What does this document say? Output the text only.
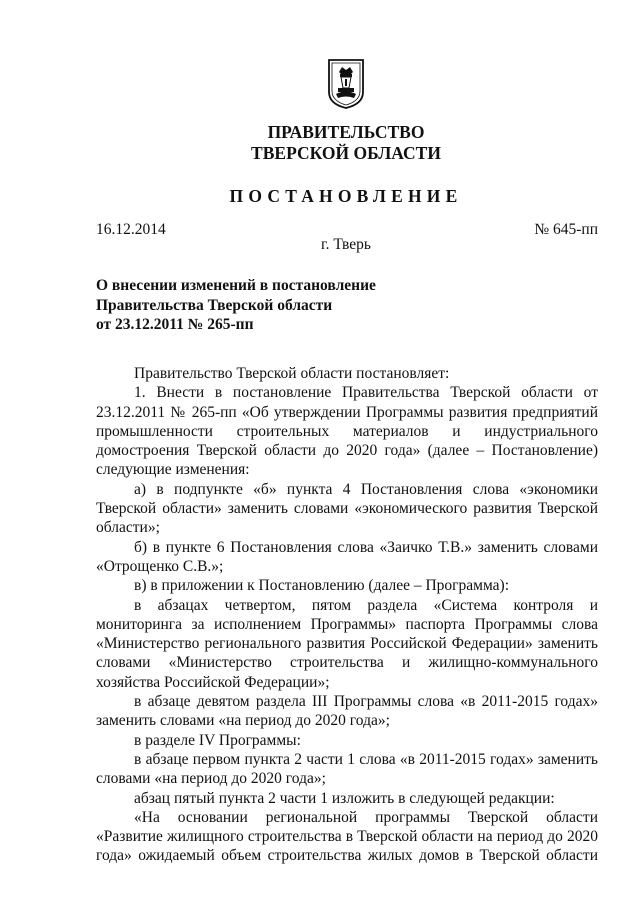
ПРАВИТЕЛЬСТВО
ТВЕРСКОЙ ОБЛАСТИ
ПОСТАНОВЛЕНИЕ
16.12.2014	№ 645-пп
г. Тверь
О внесении изменений в постановление
Правительства Тверской области
от 23.12.2011 № 265-пп

Правительство Тверской области постановляет:

1. Внести в постановление Правительства Тверской области от 23.12.2011 № 265-пп «Об утверждении Программы развития предприятий промышленности строительных материалов и индустриального домостроения Тверской области до 2020 года» (далее – Постановление) следующие изменения:

а) в подпункте «б» пункта 4 Постановления слова «экономики Тверской области» заменить словами «экономического развития Тверской области»;

б) в пункте 6 Постановления слова «Заичко Т.В.» заменить словами «Отрощенко С.В.»;

в) в приложении к Постановлению (далее – Программа):

в абзацах четвертом, пятом раздела «Система контроля и мониторинга за исполнением Программы» паспорта Программы слова «Министерство регионального развития Российской Федерации» заменить словами «Министерство строительства и жилищно-коммунального хозяйства Российской Федерации»;

в абзаце девятом раздела III Программы слова «в 2011-2015 годах» заменить словами «на период до 2020 года»;

в разделе IV Программы:

в абзаце первом пункта 2 части 1 слова «в 2011-2015 годах» заменить словами «на период до 2020 года»;

абзац пятый пункта 2 части 1 изложить в следующей редакции:

«На основании региональной программы Тверской области «Развитие жилищного строительства в Тверской области на период до 2020 года» ожидаемый объем строительства жилых домов в Тверской области
